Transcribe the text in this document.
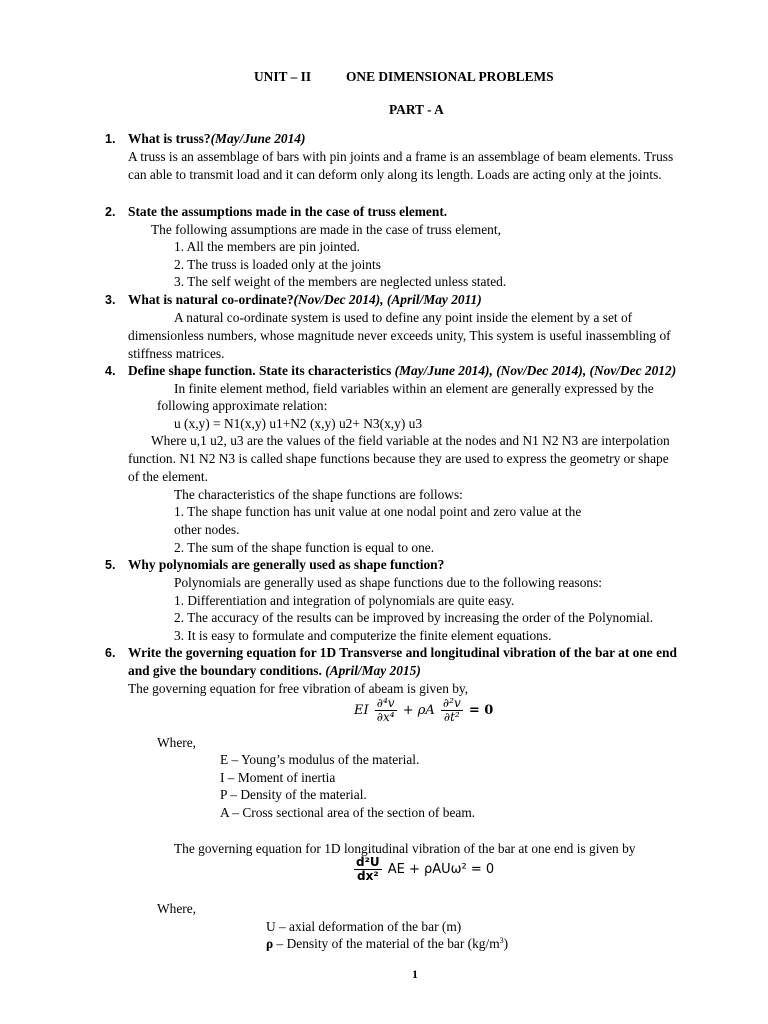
UNIT – II	ONE DIMENSIONAL PROBLEMS
PART - A
1. What is truss?(May/June 2014)
A truss is an assemblage of bars with pin joints and a frame is an assemblage of beam elements. Truss
can able to transmit load and it can deform only along its length. Loads are acting only at the joints.
2. State the assumptions made in the case of truss element.
The following assumptions are made in the case of truss element,
1. All the members are pin jointed.
2. The truss is loaded only at the joints
3. The self weight of the members are neglected unless stated.
3. What is natural co-ordinate?(Nov/Dec 2014), (April/May 2011)
A natural co-ordinate system is used to define any point inside the element by a set of
dimensionless numbers, whose magnitude never exceeds unity, This system is useful inassembling of
stiffness matrices.
4. Define shape function. State its characteristics (May/June 2014), (Nov/Dec 2014), (Nov/Dec 2012)
In finite element method, field variables within an element are generally expressed by the
following approximate relation:
u (x,y) = N1(x,y) u1+N2 (x,y) u2+ N3(x,y) u3
Where u,1 u2, u3 are the values of the field variable at the nodes and N1 N2 N3 are interpolation
function. N1 N2 N3 is called shape functions because they are used to express the geometry or shape
of the element.
The characteristics of the shape functions are follows:
1. The shape function has unit value at one nodal point and zero value at the
other nodes.
2. The sum of the shape function is equal to one.
5. Why polynomials are generally used as shape function?
Polynomials are generally used as shape functions due to the following reasons:
1. Differentiation and integration of polynomials are quite easy.
2. The accuracy of the results can be improved by increasing the order of the Polynomial.
3. It is easy to formulate and computerize the finite element equations.
6. Write the governing equation for 1D Transverse and longitudinal vibration of the bar at one end
and give the boundary conditions. (April/May 2015)
The governing equation for free vibration of abeam is given by,
EI $\frac{\text{∂⁴v}}{\text{∂x⁴}} + \rho A \frac{\text{∂²v}}{\text{∂t²}} = 0$
Where,
E – Young’s modulus of the material.
I – Moment of inertia
P – Density of the material.
A – Cross sectional area of the section of beam.
The governing equation for 1D longitudinal vibration of the bar at one end is given by
$\frac{\text{d²U}}{\text{dx²}}$ AE + ρAUω² = 0
Where,
U – axial deformation of the bar (m)
ρ – Density of the material of the bar $(kg/m^3)$
1
